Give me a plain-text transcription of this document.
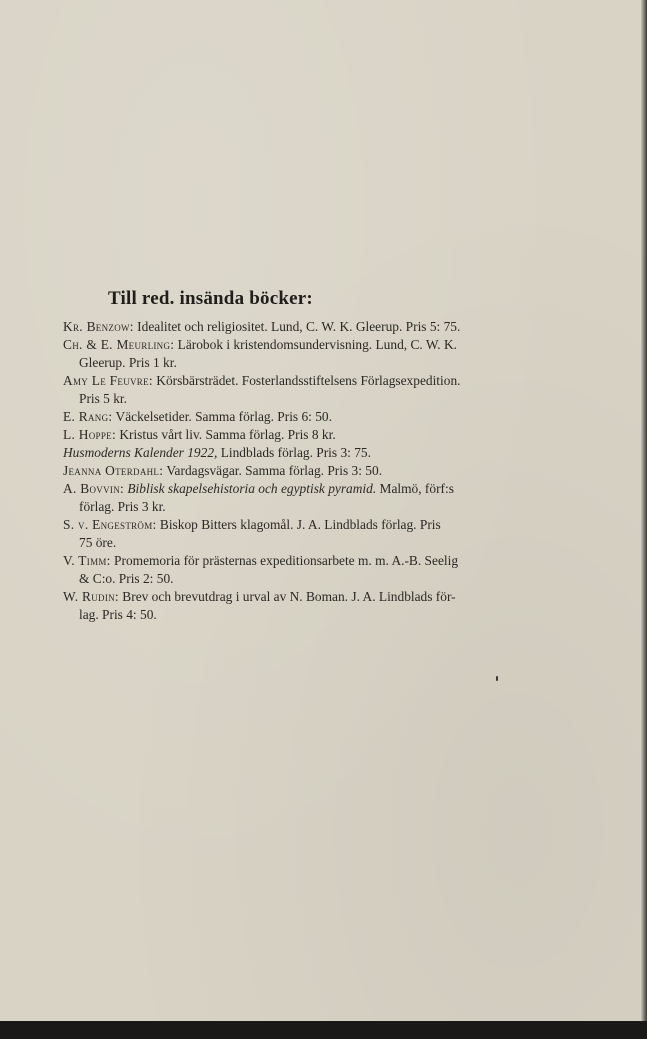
Till red. insända böcker:
Kr. Benzow: Idealitet och religiositet. Lund, C. W. K. Gleerup. Pris 5: 75.
Ch. & E. Meurling: Lärobok i kristendomsundervisning. Lund, C. W. K.
Gleerup. Pris 1 kr.
Amy Le Feuvre: Körsbärsträdet. Fosterlandsstiftelsens Förlagsexpedition.
Pris 5 kr.
E. Rang: Väckelsetider. Samma förlag. Pris 6: 50.
L. Hoppe: Kristus vårt liv. Samma förlag. Pris 8 kr.
Husmoderns Kalender 1922, Lindblads förlag. Pris 3: 75.
Jeanna Oterdahl: Vardagsvägar. Samma förlag. Pris 3: 50.
A. Bovvin: Biblisk skapelsehistoria och egyptisk pyramid. Malmö, förf:s
förlag. Pris 3 kr.
S. v. Engeström: Biskop Bitters klagomål. J. A. Lindblads förlag. Pris
75 öre.
V. Timm: Promemoria för prästernas expeditionsarbete m. m. A.-B. Seelig
& C:o. Pris 2: 50.
W. Rudin: Brev och brevutdrag i urval av N. Boman. J. A. Lindblads för-
lag. Pris 4: 50.
